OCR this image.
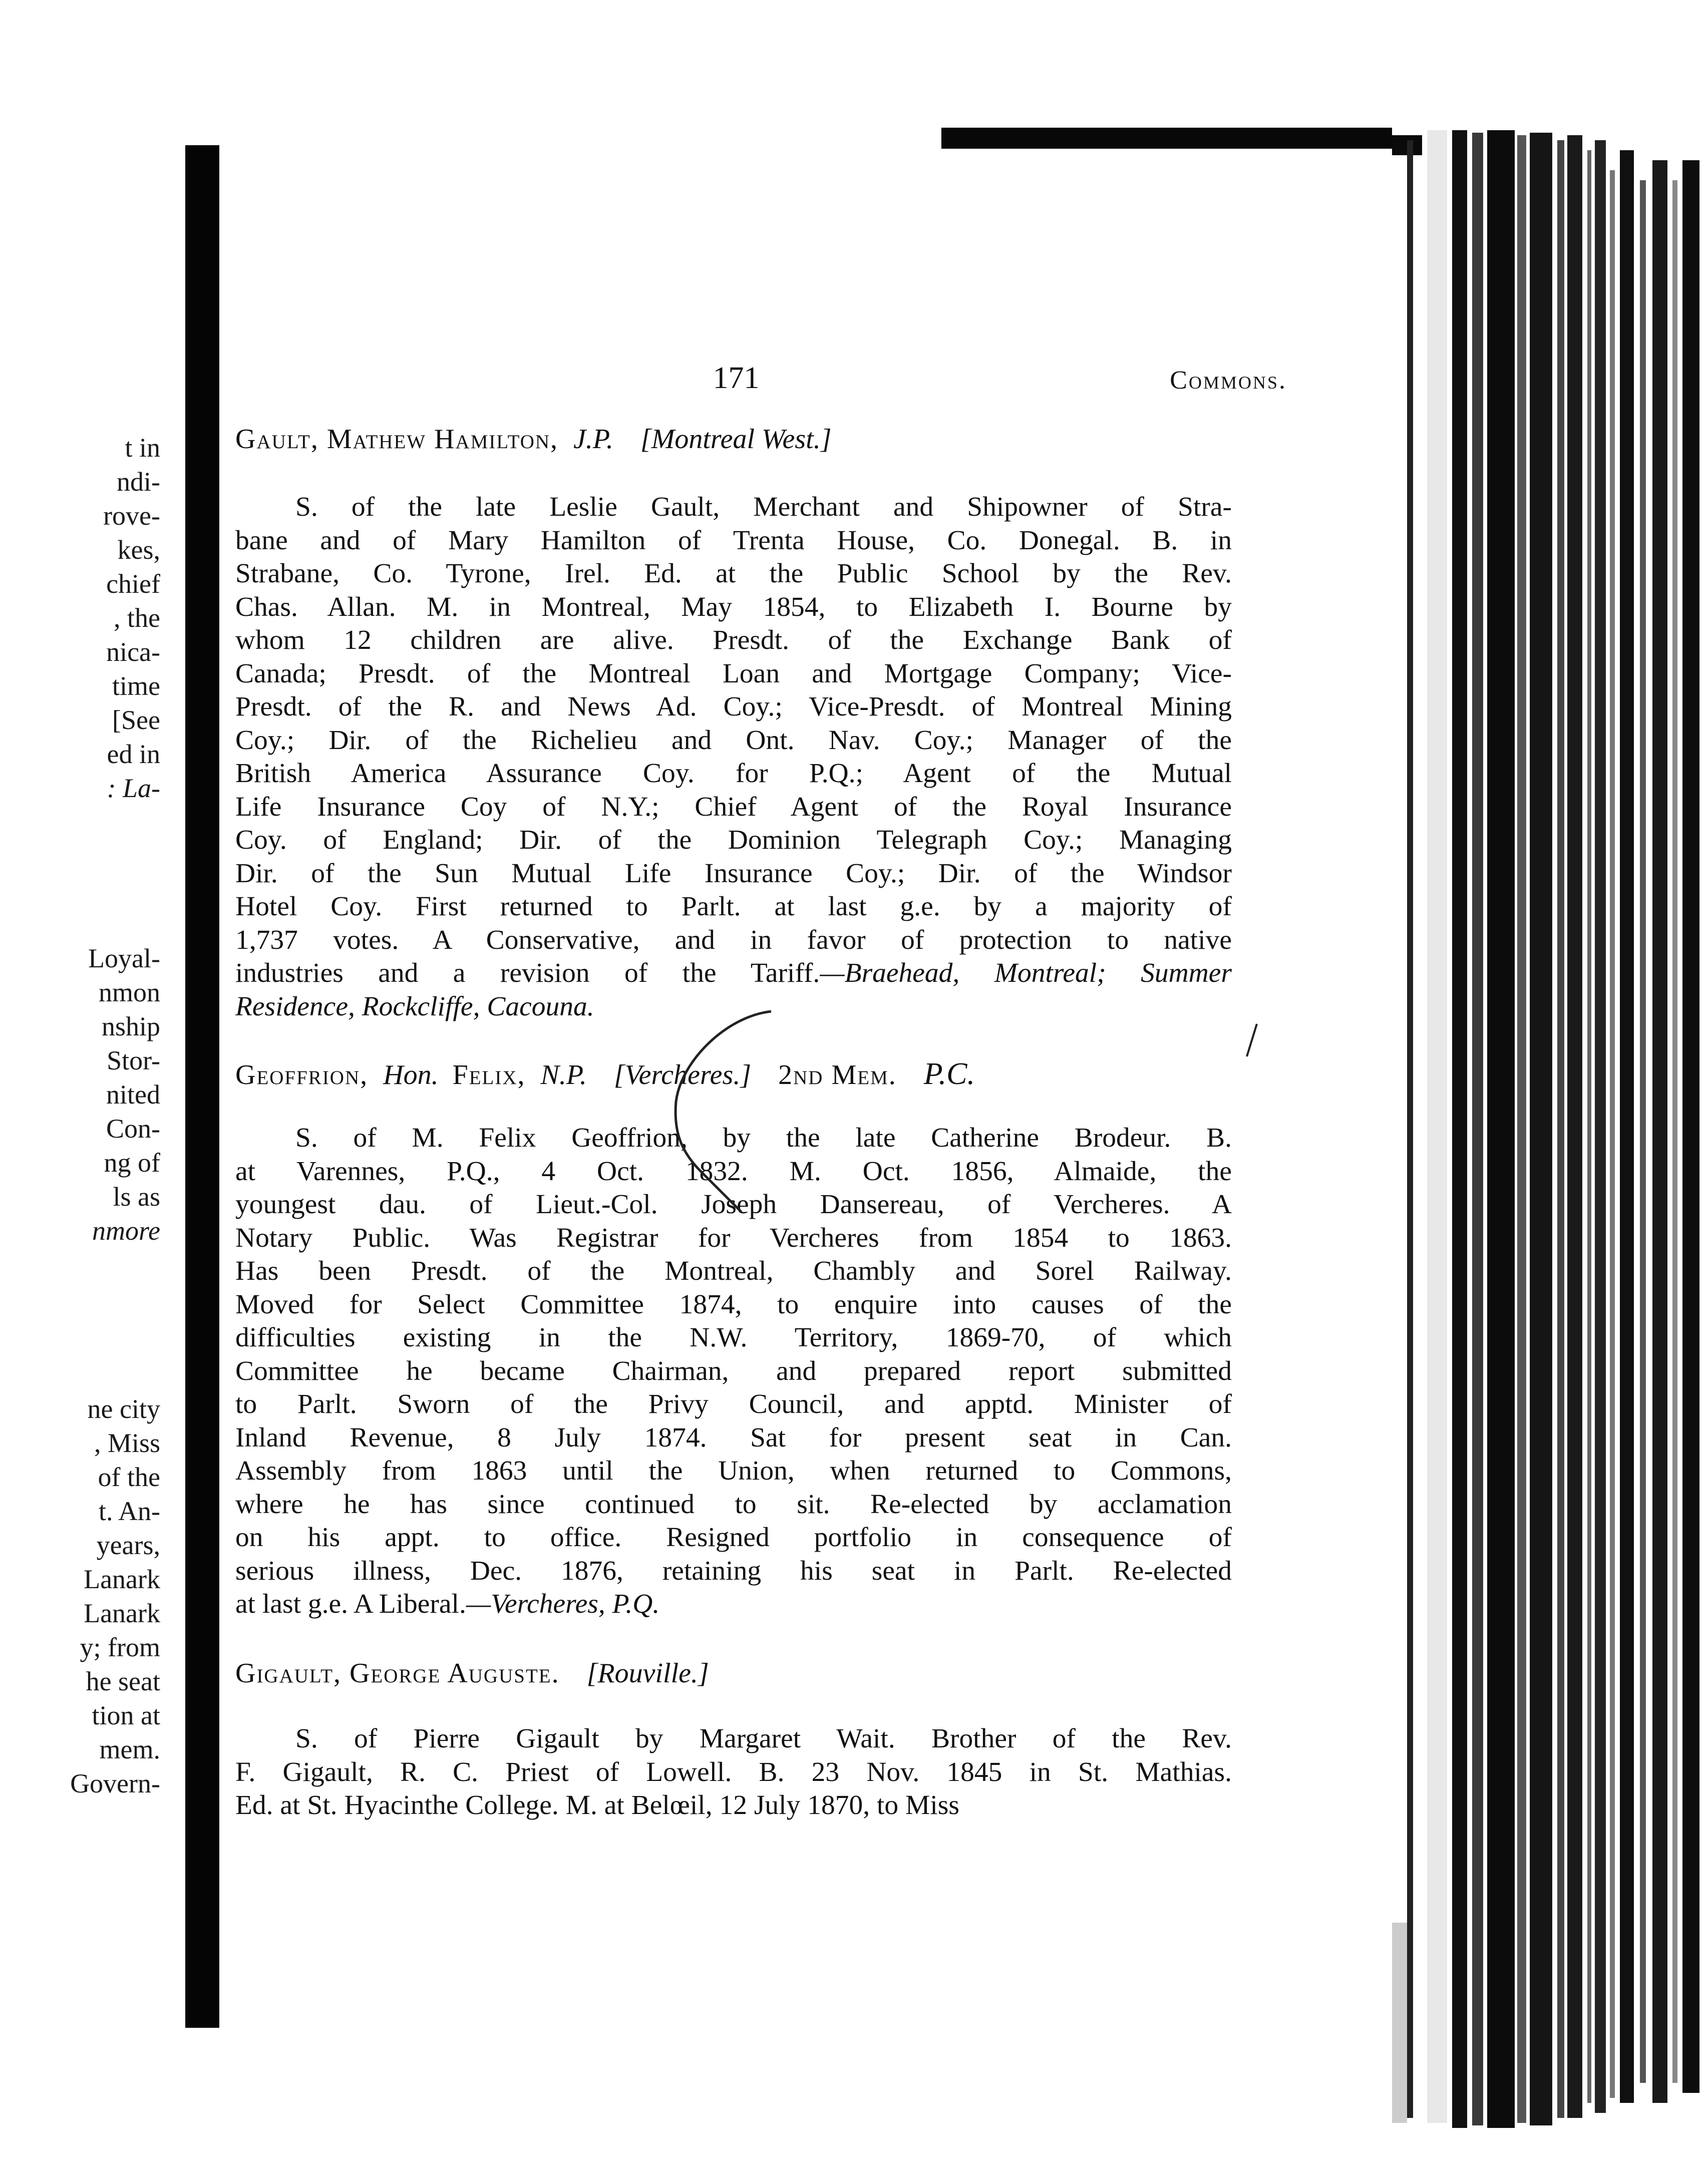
t in
ndi-
rove-
kes,
chief
, the
nica-
time
[See
ed in
: La-
Loyal-
nmon
nship
Stor-
nited
Con-
ng of
ls as
nmore
ne city
, Miss
of the
t. An-
years,
Lanark
Lanark
y; from
he seat
tion at
mem.
Govern-
171	Commons.
Gault, Mathew Hamilton, J.P. [Montreal West.]
S. of the late Leslie Gault, Merchant and Shipowner of Stra-
bane and of Mary Hamilton of Trenta House, Co. Donegal. B. in
Strabane, Co. Tyrone, Irel. Ed. at the Public School by the Rev.
Chas. Allan. M. in Montreal, May 1854, to Elizabeth I. Bourne by
whom 12 children are alive. Presdt. of the Exchange Bank of
Canada; Presdt. of the Montreal Loan and Mortgage Company; Vice-
Presdt. of the R. and News Ad. Coy.; Vice-Presdt. of Montreal Mining
Coy.; Dir. of the Richelieu and Ont. Nav. Coy.; Manager of the
British America Assurance Coy. for P.Q.; Agent of the Mutual
Life Insurance Coy of N.Y.; Chief Agent of the Royal Insurance
Coy. of England; Dir. of the Dominion Telegraph Coy.; Managing
Dir. of the Sun Mutual Life Insurance Coy.; Dir. of the Windsor
Hotel Coy. First returned to Parlt. at last g.e. by a majority of
1,737 votes. A Conservative, and in favor of protection to native
industries and a revision of the Tariff.—Braehead, Montreal; Summer
Residence, Rockcliffe, Cacouna.
Geoffrion, Hon. Felix, N.P. [Vercheres.] 2nd Mem. P.C.
S. of M. Felix Geoffrion, by the late Catherine Brodeur. B.
at Varennes, P.Q., 4 Oct. 1832. M. Oct. 1856, Almaide, the
youngest dau. of Lieut.-Col. Joseph Dansereau, of Vercheres. A
Notary Public. Was Registrar for Vercheres from 1854 to 1863.
Has been Presdt. of the Montreal, Chambly and Sorel Railway.
Moved for Select Committee 1874, to enquire into causes of the
difficulties existing in the N.W. Territory, 1869-70, of which
Committee he became Chairman, and prepared report submitted
to Parlt. Sworn of the Privy Council, and apptd. Minister of
Inland Revenue, 8 July 1874. Sat for present seat in Can.
Assembly from 1863 until the Union, when returned to Commons,
where he has since continued to sit. Re-elected by acclamation
on his appt. to office. Resigned portfolio in consequence of
serious illness, Dec. 1876, retaining his seat in Parlt. Re-elected
at last g.e. A Liberal.—Vercheres, P.Q.
Gigault, George Auguste. [Rouville.]
S. of Pierre Gigault by Margaret Wait. Brother of the Rev.
F. Gigault, R. C. Priest of Lowell. B. 23 Nov. 1845 in St. Mathias.
Ed. at St. Hyacinthe College. M. at Belœil, 12 July 1870, to Miss
